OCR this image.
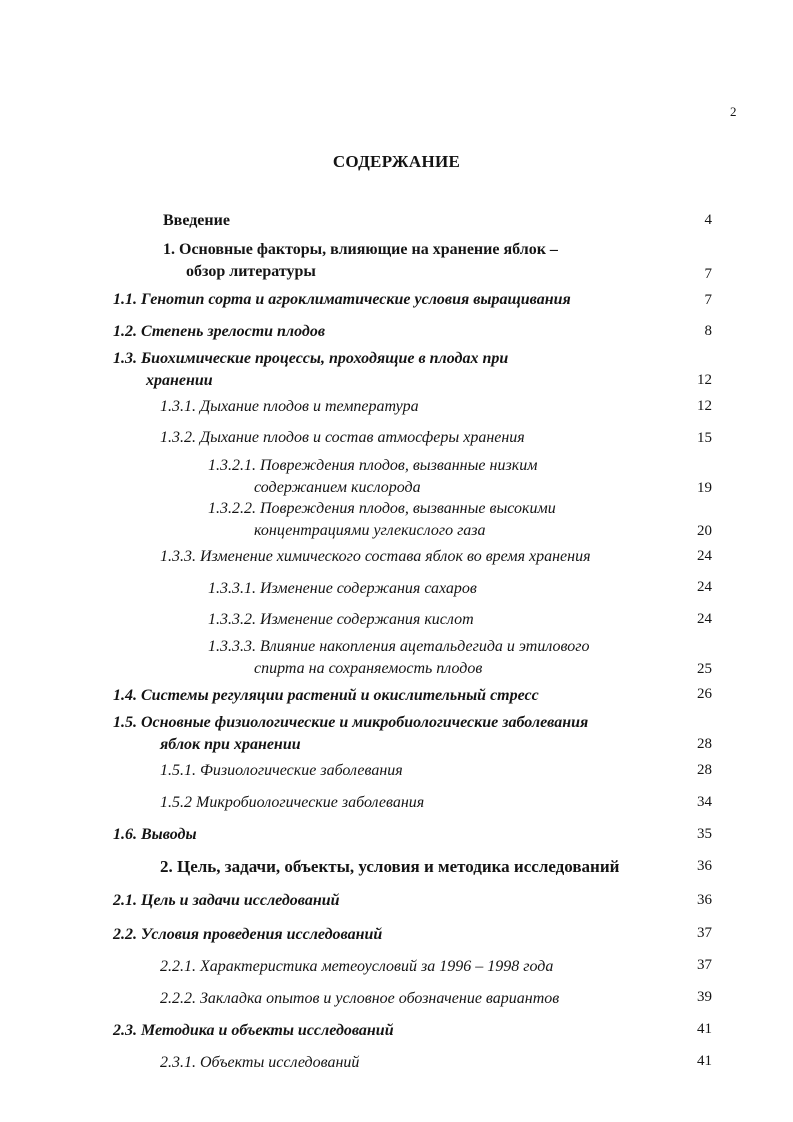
2
СОДЕРЖАНИЕ
Введение	4
1. Основные факторы, влияющие на хранение яблок –
обзор литературы	7
1.1. Генотип сорта и агроклиматические условия выращивания	7
1.2. Степень зрелости плодов	8
1.3. Биохимические процессы, проходящие в плодах при
хранении	12
1.3.1. Дыхание плодов и температура	12
1.3.2. Дыхание плодов и состав атмосферы хранения	15
1.3.2.1. Повреждения плодов, вызванные низким
содержанием кислорода	19
1.3.2.2. Повреждения плодов, вызванные высокими
концентрациями углекислого газа	20
1.3.3. Изменение химического состава яблок во время хранения	24
1.3.3.1. Изменение содержания сахаров	24
1.3.3.2. Изменение содержания кислот	24
1.3.3.3. Влияние накопления ацетальдегида и этилового
спирта на сохраняемость плодов	25
1.4. Системы регуляции растений и окислительный стресс	26
1.5. Основные физиологические и микробиологические заболевания
яблок при хранении	28
1.5.1. Физиологические заболевания	28
1.5.2 Микробиологические заболевания	34
1.6. Выводы	35
2. Цель, задачи, объекты, условия и методика исследований	36
2.1. Цель и задачи исследований	36
2.2. Условия проведения исследований	37
2.2.1. Характеристика метеоусловий за 1996 – 1998 года	37
2.2.2. Закладка опытов и условное обозначение вариантов	39
2.3. Методика и объекты исследований	41
2.3.1. Объекты исследований	41
